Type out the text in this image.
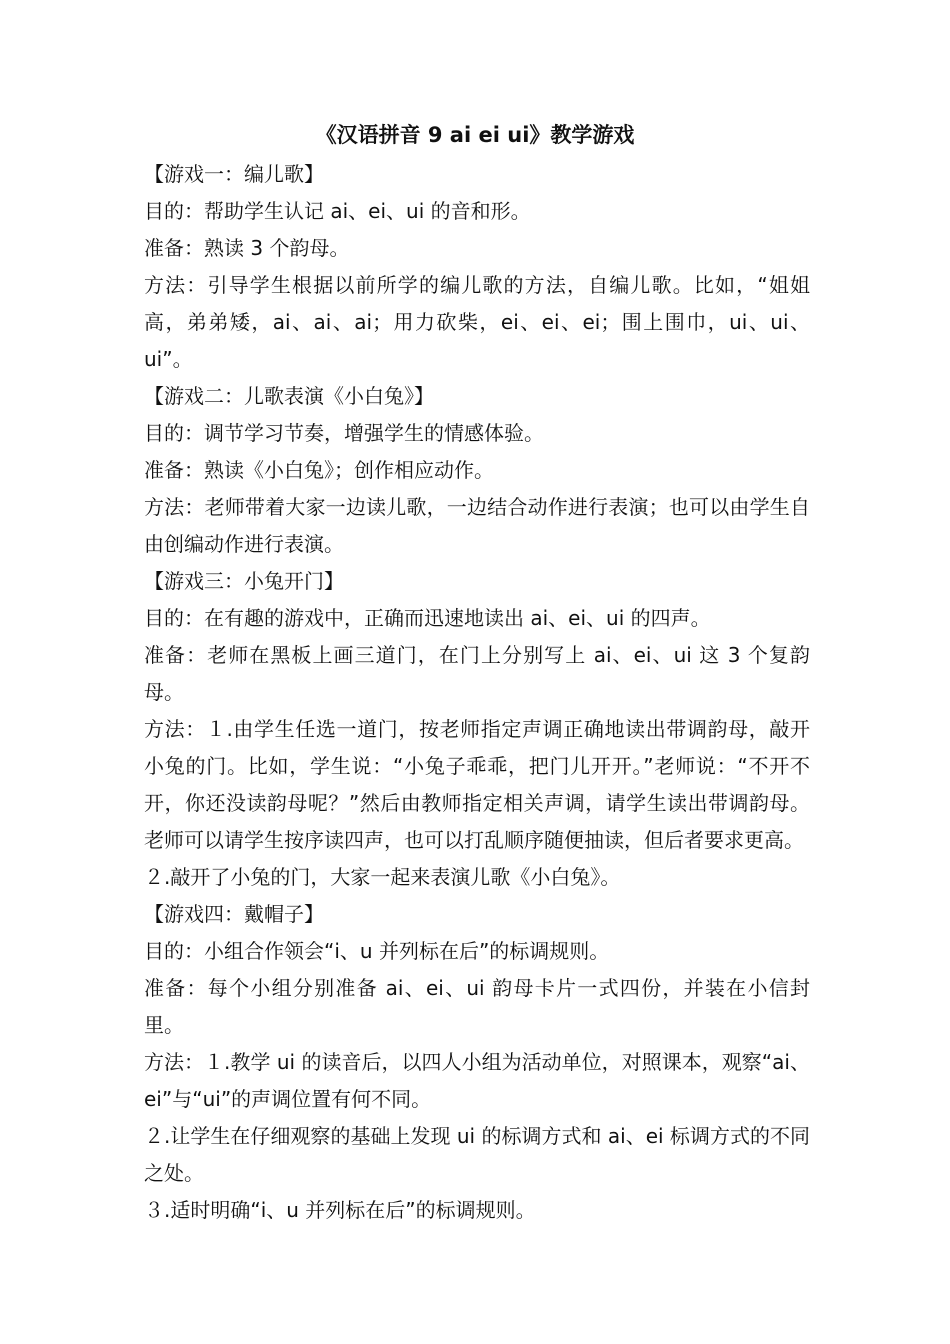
《汉语拼音 9 ai ei ui》教学游戏

【游戏一：编儿歌】

目的：帮助学生认记 ai、ei、ui 的音和形。

准备：熟读 3 个韵母。

方法：引导学生根据以前所学的编儿歌的方法，自编儿歌。比如，“姐姐高，弟弟矮，ai、ai、ai；用力砍柴，ei、ei、ei；围上围巾，ui、ui、ui”。

【游戏二：儿歌表演《小白兔》】

目的：调节学习节奏，增强学生的情感体验。

准备：熟读《小白兔》；创作相应动作。

方法：老师带着大家一边读儿歌，一边结合动作进行表演；也可以由学生自由创编动作进行表演。

【游戏三：小兔开门】

目的：在有趣的游戏中，正确而迅速地读出 ai、ei、ui 的四声。

准备：老师在黑板上画三道门，在门上分别写上 ai、ei、ui 这 3 个复韵母。

方法：１.由学生任选一道门，按老师指定声调正确地读出带调韵母，敲开小兔的门。比如，学生说：“小兔子乖乖，把门儿开开。”老师说：“不开不开，你还没读韵母呢？”然后由教师指定相关声调，请学生读出带调韵母。老师可以请学生按序读四声，也可以打乱顺序随便抽读，但后者要求更高。

２.敲开了小兔的门，大家一起来表演儿歌《小白兔》。

【游戏四：戴帽子】

目的：小组合作领会“i、u 并列标在后”的标调规则。

准备：每个小组分别准备 ai、ei、ui 韵母卡片一式四份，并装在小信封里。

方法：１.教学 ui 的读音后，以四人小组为活动单位，对照课本，观察“ai、ei”与“ui”的声调位置有何不同。

２.让学生在仔细观察的基础上发现 ui 的标调方式和 ai、ei 标调方式的不同之处。

３.适时明确“i、u 并列标在后”的标调规则。
